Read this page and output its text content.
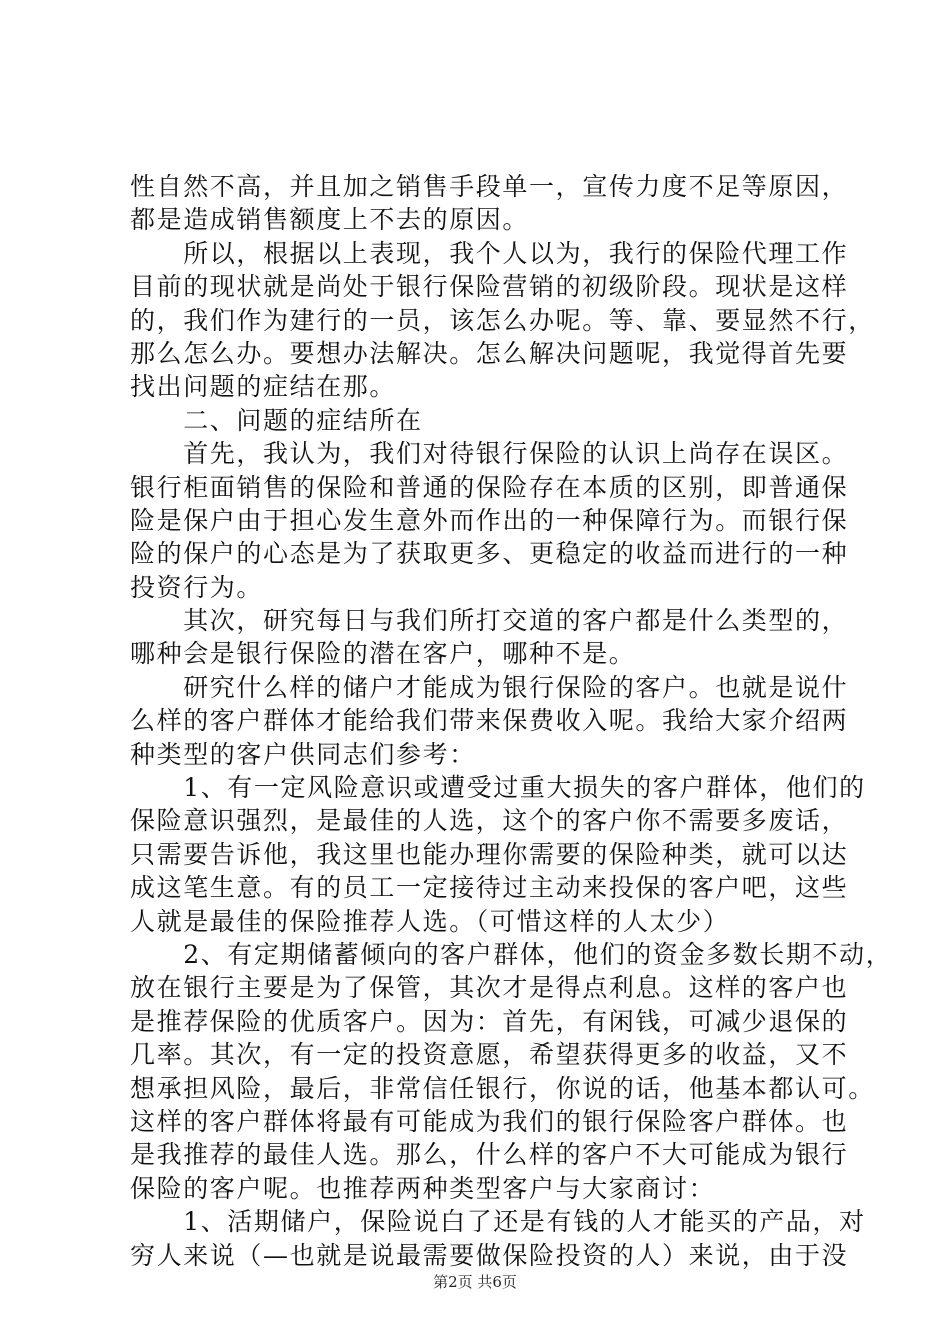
性自然不高，并且加之销售手段单一，宣传力度不足等原因，
都是造成销售额度上不去的原因。
　　所以，根据以上表现，我个人以为，我行的保险代理工作
目前的现状就是尚处于银行保险营销的初级阶段。现状是这样
的，我们作为建行的一员，该怎么办呢。等、靠、要显然不行，
那么怎么办。要想办法解决。怎么解决问题呢，我觉得首先要
找出问题的症结在那。
　　二、问题的症结所在
　　首先，我认为，我们对待银行保险的认识上尚存在误区。
银行柜面销售的保险和普通的保险存在本质的区别，即普通保
险是保户由于担心发生意外而作出的一种保障行为。而银行保
险的保户的心态是为了获取更多、更稳定的收益而进行的一种
投资行为。
　　其次，研究每日与我们所打交道的客户都是什么类型的，
哪种会是银行保险的潜在客户，哪种不是。
　　研究什么样的储户才能成为银行保险的客户。也就是说什
么样的客户群体才能给我们带来保费收入呢。我给大家介绍两
种类型的客户供同志们参考：
　　1、有一定风险意识或遭受过重大损失的客户群体，他们的
保险意识强烈，是最佳的人选，这个的客户你不需要多废话，
只需要告诉他，我这里也能办理你需要的保险种类，就可以达
成这笔生意。有的员工一定接待过主动来投保的客户吧，这些
人就是最佳的保险推荐人选。（可惜这样的人太少）
　　2、有定期储蓄倾向的客户群体，他们的资金多数长期不动，
放在银行主要是为了保管，其次才是得点利息。这样的客户也
是推荐保险的优质客户。因为：首先，有闲钱，可减少退保的
几率。其次，有一定的投资意愿，希望获得更多的收益，又不
想承担风险，最后，非常信任银行，你说的话，他基本都认可。
这样的客户群体将最有可能成为我们的银行保险客户群体。也
是我推荐的最佳人选。那么，什么样的客户不大可能成为银行
保险的客户呢。也推荐两种类型客户与大家商讨：
　　1、活期储户，保险说白了还是有钱的人才能买的产品，对
穷人来说（—也就是说最需要做保险投资的人）来说，由于没
第2页 共6页
